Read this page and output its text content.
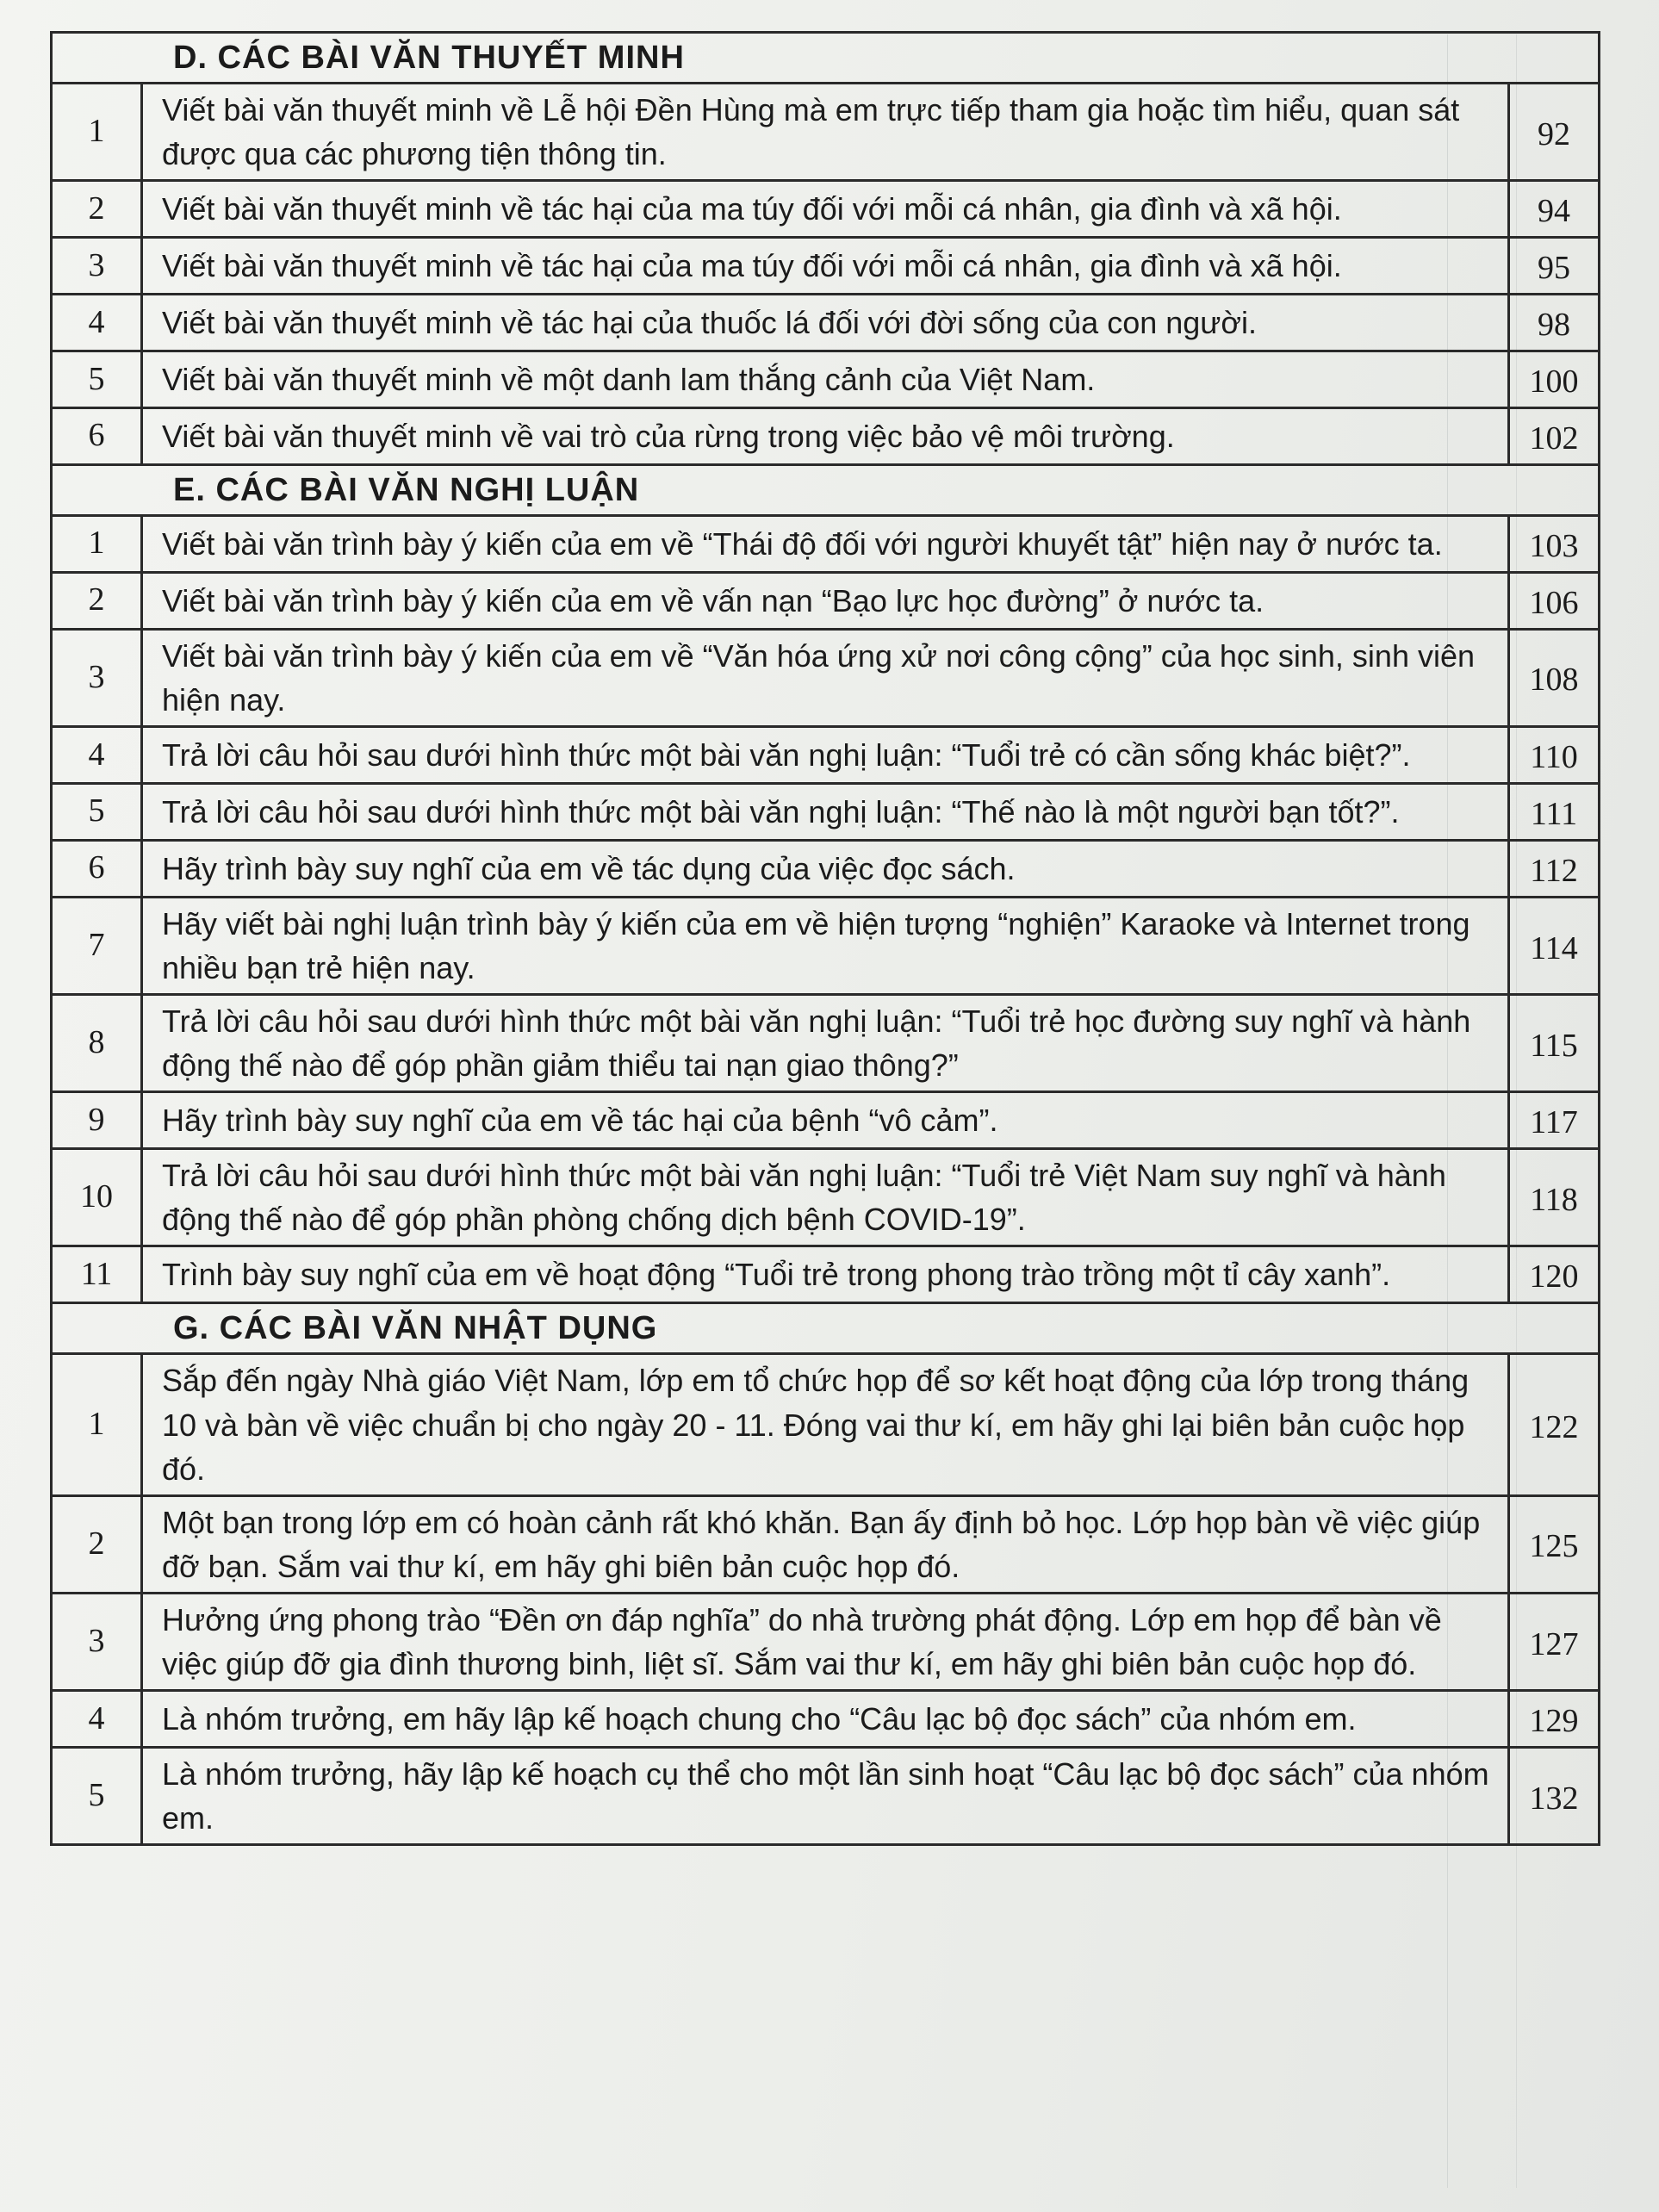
D. CÁC BÀI VĂN THUYẾT MINH		
1	Viết bài văn thuyết minh về Lễ hội Đền Hùng mà em trực tiếp tham gia hoặc tìm hiểu, quan sát được qua các phương tiện thông tin.	92
2	Viết bài văn thuyết minh về tác hại của ma túy đối với mỗi cá nhân, gia đình và xã hội.	94
3	Viết bài văn thuyết minh về tác hại của ma túy đối với mỗi cá nhân, gia đình và xã hội.	95
4	Viết bài văn thuyết minh về tác hại của thuốc lá đối với đời sống của con người.	98
5	Viết bài văn thuyết minh về một danh lam thắng cảnh của Việt Nam.	100
6	Viết bài văn thuyết minh về vai trò của rừng trong việc bảo vệ môi trường.	102
E. CÁC BÀI VĂN NGHỊ LUẬN		
1	Viết bài văn trình bày ý kiến của em về “Thái độ đối với người khuyết tật” hiện nay ở nước ta.	103
2	Viết bài văn trình bày ý kiến của em về vấn nạn “Bạo lực học đường” ở nước ta.	106
3	Viết bài văn trình bày ý kiến của em về “Văn hóa ứng xử nơi công cộng” của học sinh, sinh viên hiện nay.	108
4	Trả lời câu hỏi sau dưới hình thức một bài văn nghị luận: “Tuổi trẻ có cần sống khác biệt?”.	110
5	Trả lời câu hỏi sau dưới hình thức một bài văn nghị luận: “Thế nào là một người bạn tốt?”.	111
6	Hãy trình bày suy nghĩ của em về tác dụng của việc đọc sách.	112
7	Hãy viết bài nghị luận trình bày ý kiến của em về hiện tượng “nghiện” Karaoke và Internet trong nhiều bạn trẻ hiện nay.	114
8	Trả lời câu hỏi sau dưới hình thức một bài văn nghị luận: “Tuổi trẻ học đường suy nghĩ và hành động thế nào để góp phần giảm thiểu tai nạn giao thông?”	115
9	Hãy trình bày suy nghĩ của em về tác hại của bệnh “vô cảm”.	117
10	Trả lời câu hỏi sau dưới hình thức một bài văn nghị luận: “Tuổi trẻ Việt Nam suy nghĩ và hành động thế nào để góp phần phòng chống dịch bệnh COVID-19”.	118
11	Trình bày suy nghĩ của em về hoạt động “Tuổi trẻ trong phong trào trồng một tỉ cây xanh”.	120
G. CÁC BÀI VĂN NHẬT DỤNG		
1	Sắp đến ngày Nhà giáo Việt Nam, lớp em tổ chức họp để sơ kết hoạt động của lớp trong tháng 10 và bàn về việc chuẩn bị cho ngày 20 - 11. Đóng vai thư kí, em hãy ghi lại biên bản cuộc họp đó.	122
2	Một bạn trong lớp em có hoàn cảnh rất khó khăn. Bạn ấy định bỏ học. Lớp họp bàn về việc giúp đỡ bạn. Sắm vai thư kí, em hãy ghi biên bản cuộc họp đó.	125
3	Hưởng ứng phong trào “Đền ơn đáp nghĩa” do nhà trường phát động. Lớp em họp để bàn về việc giúp đỡ gia đình thương binh, liệt sĩ. Sắm vai thư kí, em hãy ghi biên bản cuộc họp đó.	127
4	Là nhóm trưởng, em hãy lập kế hoạch chung cho “Câu lạc bộ đọc sách” của nhóm em.	129
5	Là nhóm trưởng, hãy lập kế hoạch cụ thể cho một lần sinh hoạt “Câu lạc bộ đọc sách” của nhóm em.	132
